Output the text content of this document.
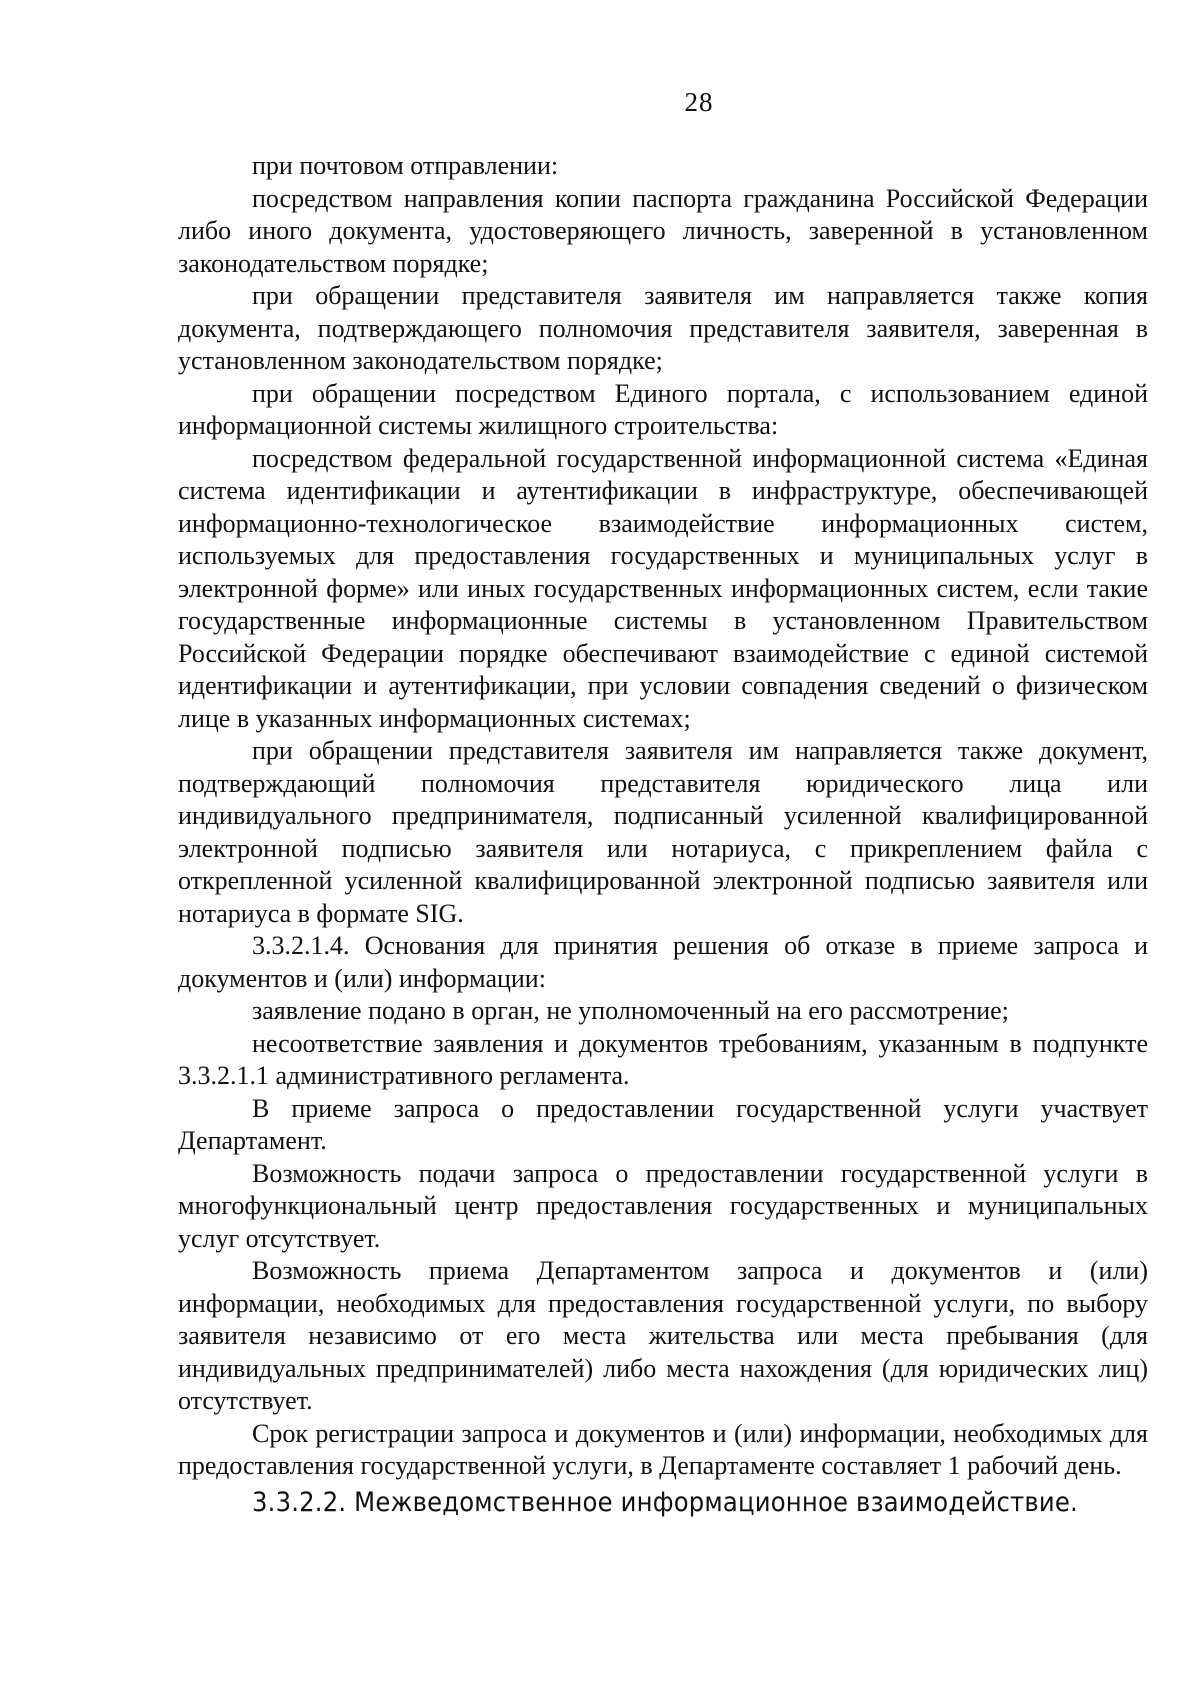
28

при почтовом отправлении:

посредством направления копии паспорта гражданина Российской Федерации либо иного документа, удостоверяющего личность, заверенной в установленном законодательством порядке;

при обращении представителя заявителя им направляется также копия документа, подтверждающего полномочия представителя заявителя, заверенная в установленном законодательством порядке;

при обращении посредством Единого портала, с использованием единой информационной системы жилищного строительства:

посредством федеральной государственной информационной система «Единая система идентификации и аутентификации в инфраструктуре, обеспечивающей информационно-технологическое взаимодействие информационных систем, используемых для предоставления государственных и муниципальных услуг в электронной форме» или иных государственных информационных систем, если такие государственные информационные системы в установленном Правительством Российской Федерации порядке обеспечивают взаимодействие с единой системой идентификации и аутентификации, при условии совпадения сведений о физическом лице в указанных информационных системах;

при обращении представителя заявителя им направляется также документ, подтверждающий полномочия представителя юридического лица или индивидуального предпринимателя, подписанный усиленной квалифицированной электронной подписью заявителя или нотариуса, с прикреплением файла с открепленной усиленной квалифицированной электронной подписью заявителя или нотариуса в формате SIG.

3.3.2.1.4. Основания для принятия решения об отказе в приеме запроса и документов и (или) информации:

заявление подано в орган, не уполномоченный на его рассмотрение;

несоответствие заявления и документов требованиям, указанным в подпункте 3.3.2.1.1 административного регламента.

В приеме запроса о предоставлении государственной услуги участвует Департамент.

Возможность подачи запроса о предоставлении государственной услуги в многофункциональный центр предоставления государственных и муниципальных услуг отсутствует.

Возможность приема Департаментом запроса и документов и (или) информации, необходимых для предоставления государственной услуги, по выбору заявителя независимо от его места жительства или места пребывания (для индивидуальных предпринимателей) либо места нахождения (для юридических лиц) отсутствует.

Срок регистрации запроса и документов и (или) информации, необходимых для предоставления государственной услуги, в Департаменте составляет 1 рабочий день.

3.3.2.2. Межведомственное информационное взаимодействие.
